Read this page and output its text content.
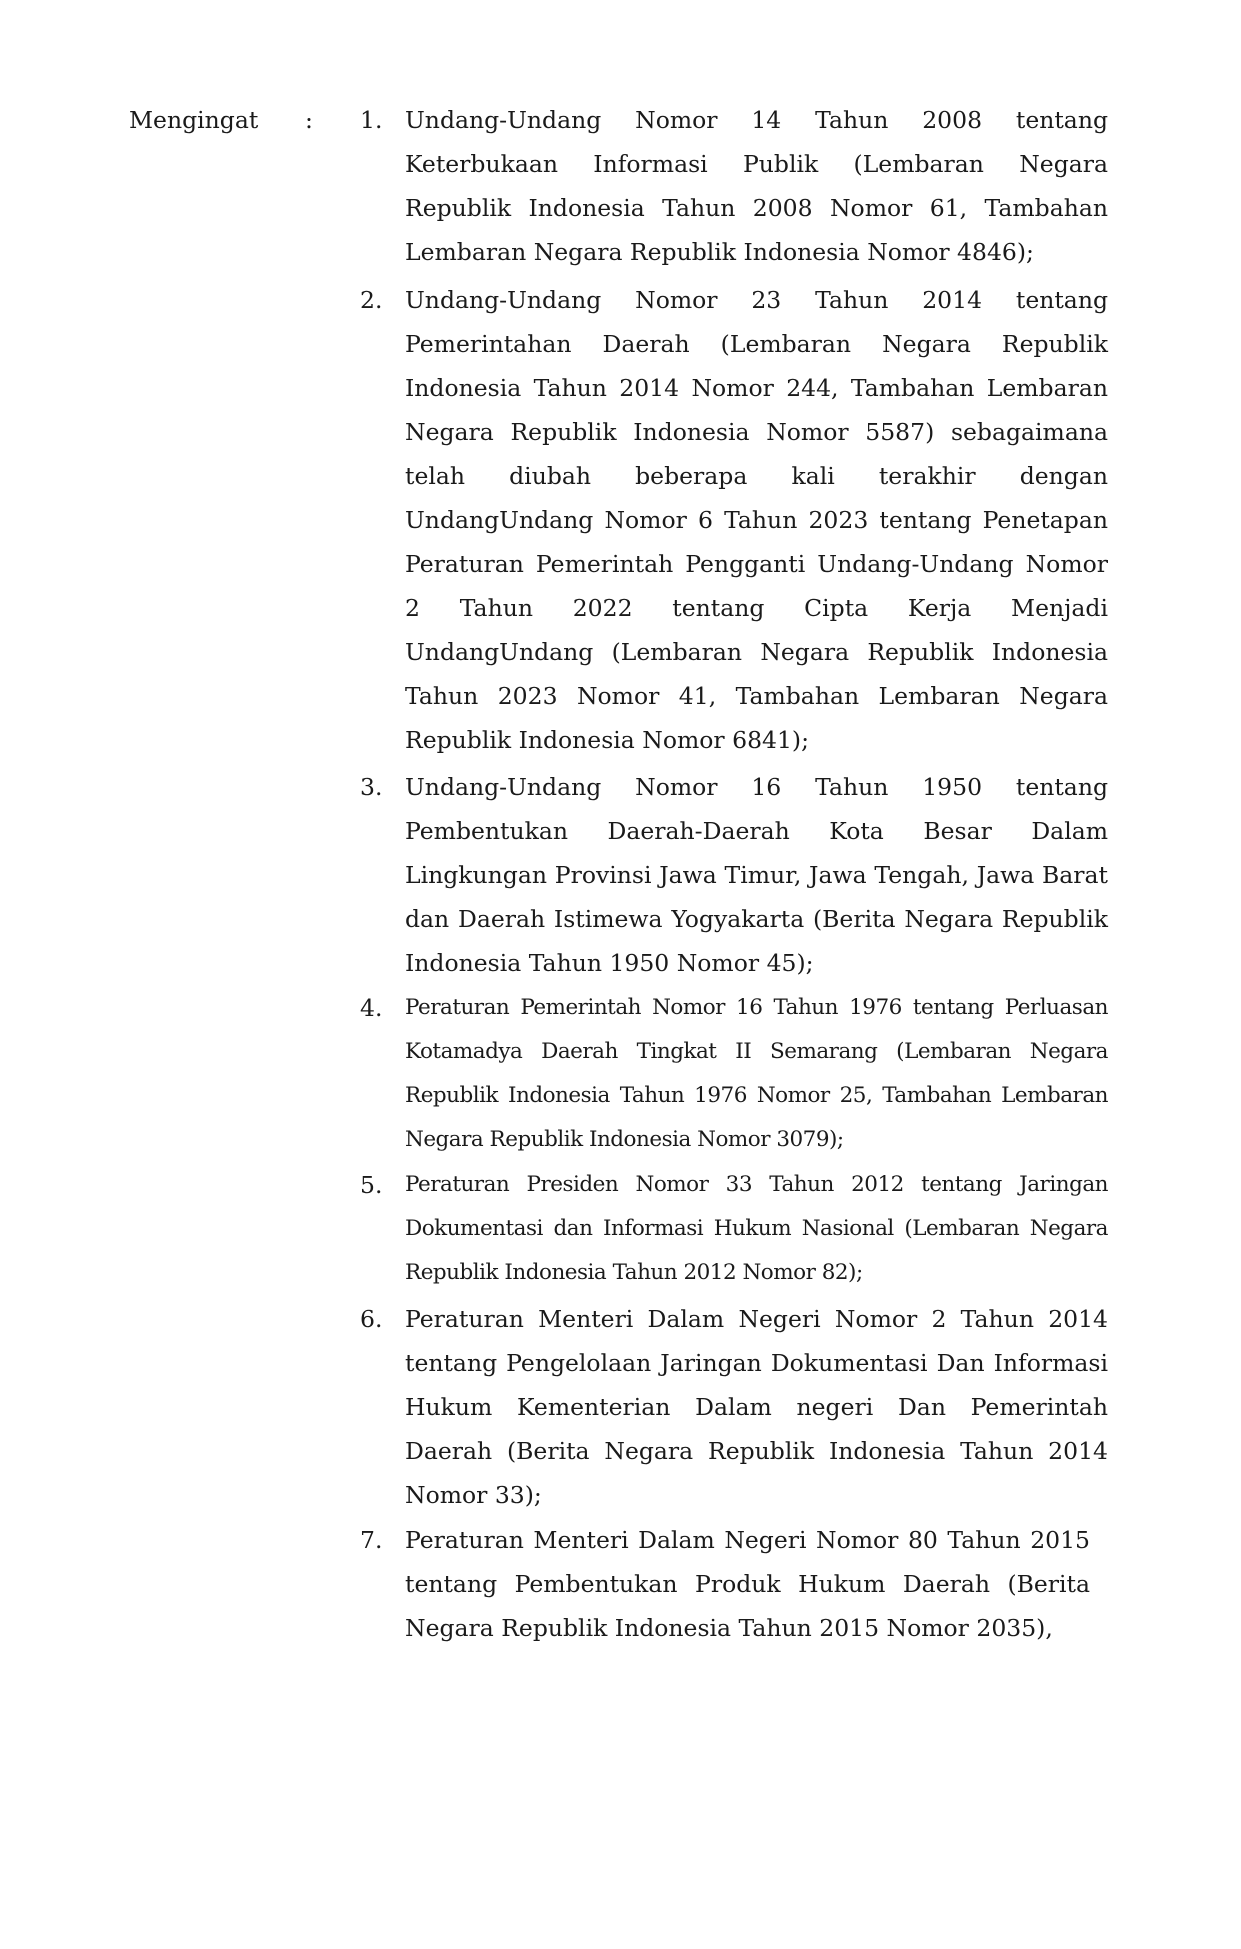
Mengingat : 1. Undang-Undang Nomor 14 Tahun 2008 tentang Keterbukaan Informasi Publik (Lembaran Negara Republik Indonesia Tahun 2008 Nomor 61, Tambahan Lembaran Negara Republik Indonesia Nomor 4846);
2. Undang-Undang Nomor 23 Tahun 2014 tentang Pemerintahan Daerah (Lembaran Negara Republik Indonesia Tahun 2014 Nomor 244, Tambahan Lembaran Negara Republik Indonesia Nomor 5587) sebagaimana telah diubah beberapa kali terakhir dengan UndangUndang Nomor 6 Tahun 2023 tentang Penetapan Peraturan Pemerintah Pengganti Undang-Undang Nomor 2 Tahun 2022 tentang Cipta Kerja Menjadi UndangUndang (Lembaran Negara Republik Indonesia Tahun 2023 Nomor 41, Tambahan Lembaran Negara Republik Indonesia Nomor 6841);
3. Undang-Undang Nomor 16 Tahun 1950 tentang Pembentukan Daerah-Daerah Kota Besar Dalam Lingkungan Provinsi Jawa Timur, Jawa Tengah, Jawa Barat dan Daerah Istimewa Yogyakarta (Berita Negara Republik Indonesia Tahun 1950 Nomor 45);
4.	Peraturan Pemerintah Nomor 16 Tahun 1976 tentang Perluasan Kotamadya Daerah Tingkat II Semarang (Lembaran Negara Republik Indonesia Tahun 1976 Nomor 25, Tambahan Lembaran Negara Republik Indonesia Nomor 3079);
5.	Peraturan Presiden Nomor 33 Tahun 2012 tentang Jaringan Dokumentasi dan Informasi Hukum Nasional (Lembaran Negara Republik Indonesia Tahun 2012 Nomor 82);
6. Peraturan Menteri Dalam Negeri Nomor 2 Tahun 2014 tentang Pengelolaan Jaringan Dokumentasi Dan Informasi Hukum Kementerian Dalam negeri Dan Pemerintah Daerah (Berita Negara Republik Indonesia Tahun 2014 Nomor 33);
7. Peraturan Menteri Dalam Negeri Nomor 80 Tahun 2015 tentang Pembentukan Produk Hukum Daerah (Berita Negara Republik Indonesia Tahun 2015 Nomor 2035),
